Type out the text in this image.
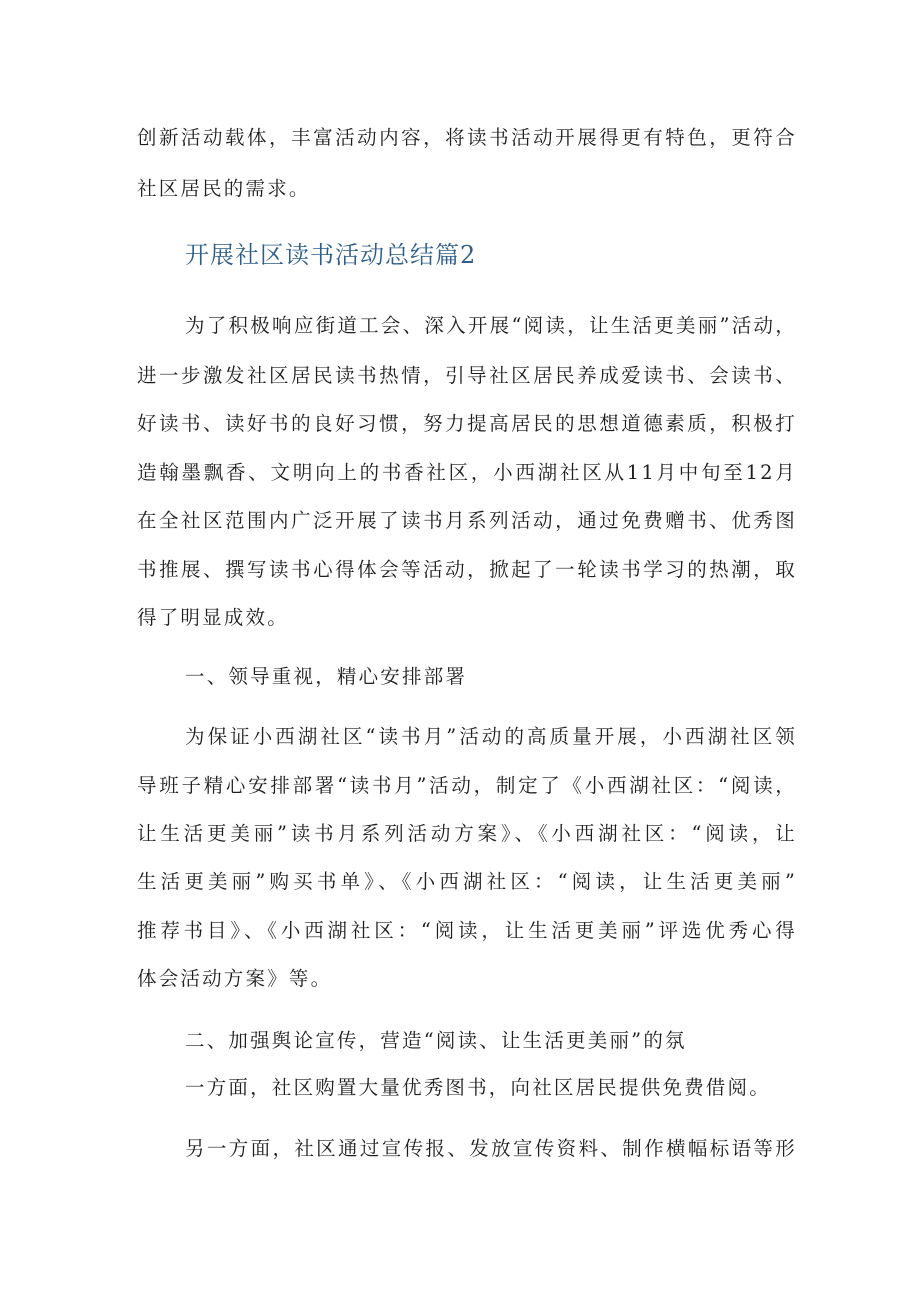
创新活动载体，丰富活动内容，将读书活动开展得更有特色，更符合
社区居民的需求。
开展社区读书活动总结篇2
为了积极响应街道工会、深入开展“阅读，让生活更美丽”活动，
进一步激发社区居民读书热情，引导社区居民养成爱读书、会读书、
好读书、读好书的良好习惯，努力提高居民的思想道德素质，积极打
造翰墨飘香、文明向上的书香社区，小西湖社区从11月中旬至12月
在全社区范围内广泛开展了读书月系列活动，通过免费赠书、优秀图
书推展、撰写读书心得体会等活动，掀起了一轮读书学习的热潮，取
得了明显成效。
一、领导重视，精心安排部署
为保证小西湖社区“读书月”活动的高质量开展，小西湖社区领
导班子精心安排部署“读书月”活动，制定了《小西湖社区：“阅读，
让生活更美丽”读书月系列活动方案》、《小西湖社区：“阅读，让
生活更美丽”购买书单》、《小西湖社区：“阅读，让生活更美丽”
推荐书目》、《小西湖社区：“阅读，让生活更美丽”评选优秀心得
体会活动方案》等。
二、加强舆论宣传，营造“阅读、让生活更美丽”的氛
一方面，社区购置大量优秀图书，向社区居民提供免费借阅。
另一方面，社区通过宣传报、发放宣传资料、制作横幅标语等形
